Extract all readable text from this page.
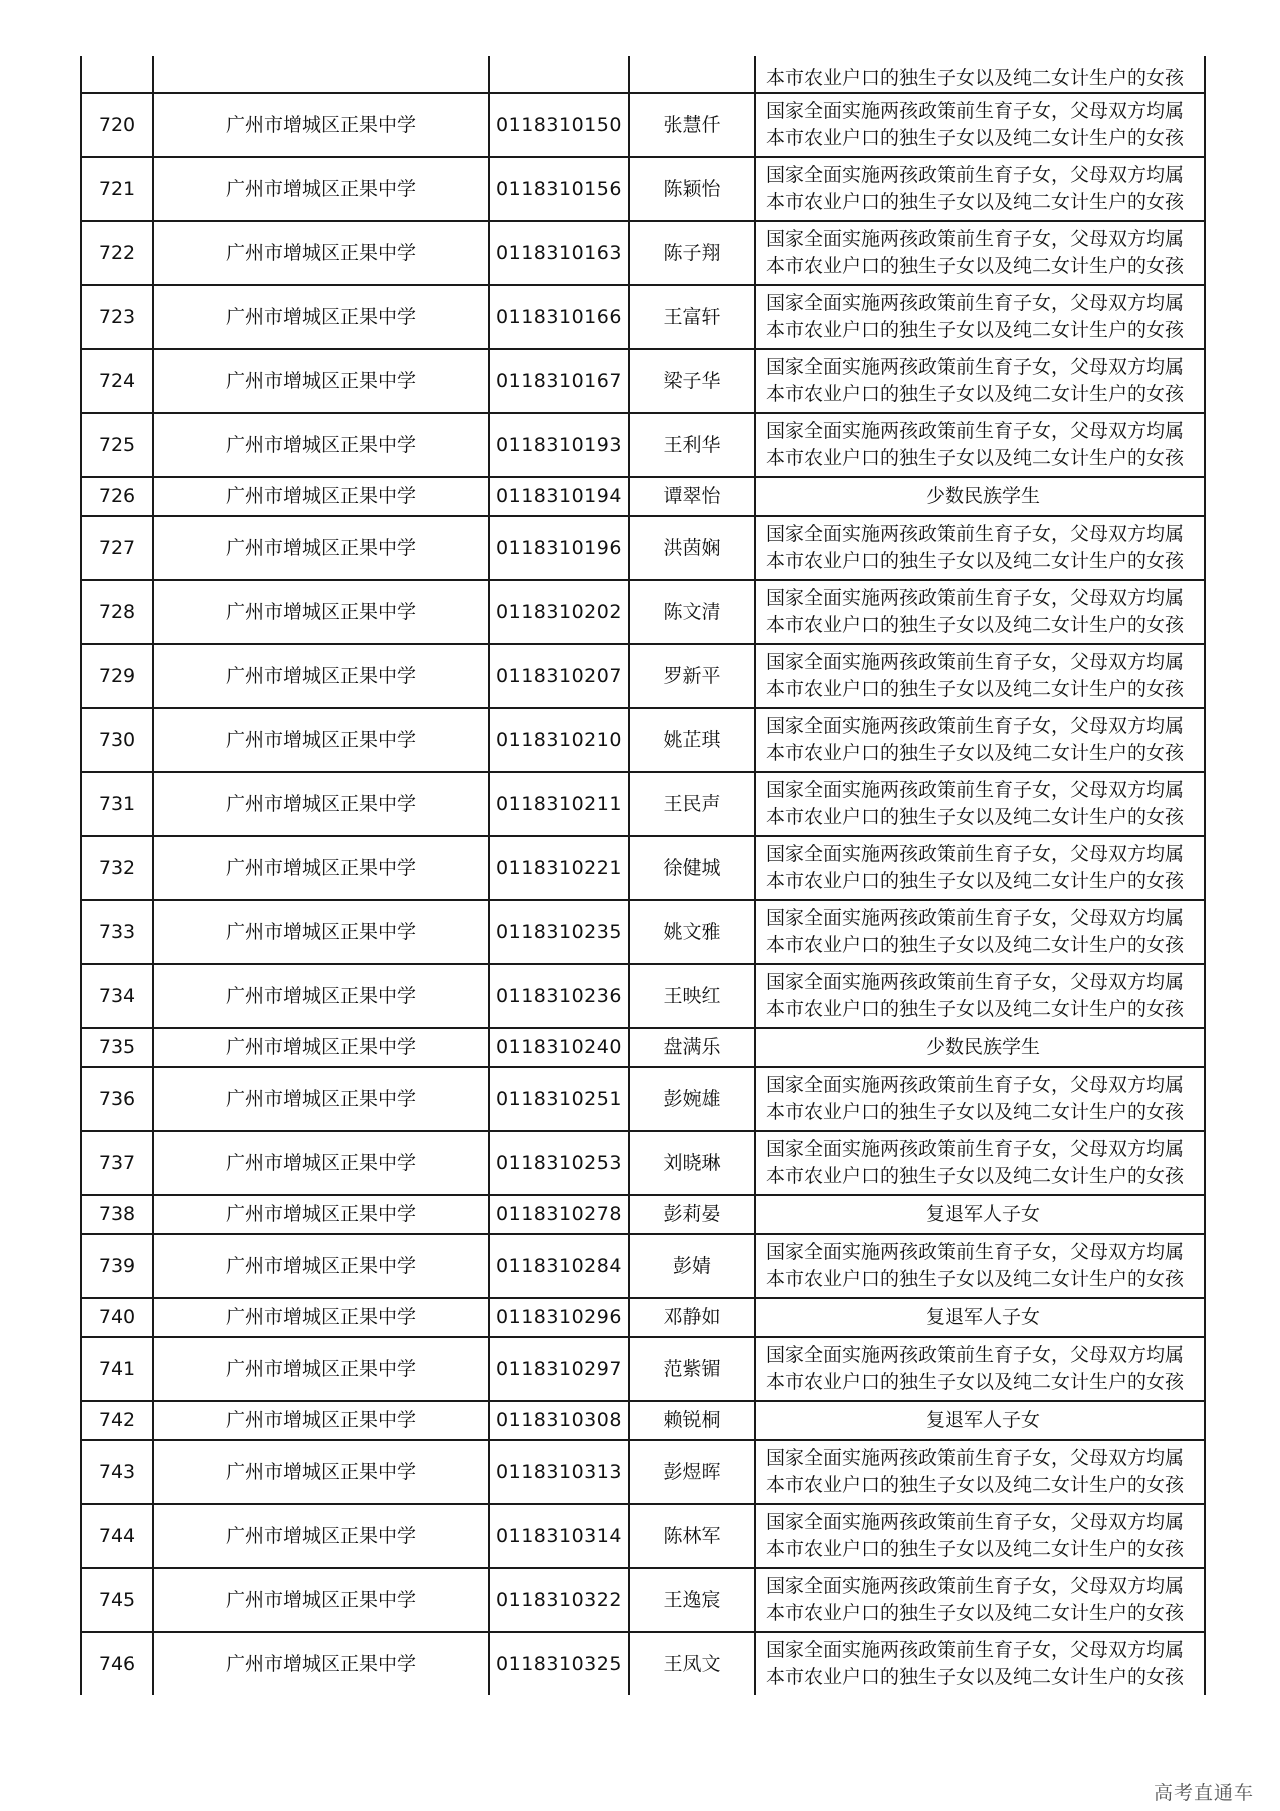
				本市农业户口的独生子女以及纯二女计生户的女孩

720	广州市增城区正果中学	0118310150	张慧仟	国家全面实施两孩政策前生育子女，父母双方均属
本市农业户口的独生子女以及纯二女计生户的女孩

721	广州市增城区正果中学	0118310156	陈颖怡	国家全面实施两孩政策前生育子女，父母双方均属
本市农业户口的独生子女以及纯二女计生户的女孩

722	广州市增城区正果中学	0118310163	陈子翔	国家全面实施两孩政策前生育子女，父母双方均属
本市农业户口的独生子女以及纯二女计生户的女孩

723	广州市增城区正果中学	0118310166	王富轩	国家全面实施两孩政策前生育子女，父母双方均属
本市农业户口的独生子女以及纯二女计生户的女孩

724	广州市增城区正果中学	0118310167	梁子华	国家全面实施两孩政策前生育子女，父母双方均属
本市农业户口的独生子女以及纯二女计生户的女孩

725	广州市增城区正果中学	0118310193	王利华	国家全面实施两孩政策前生育子女，父母双方均属
本市农业户口的独生子女以及纯二女计生户的女孩

726	广州市增城区正果中学	0118310194	谭翠怡	少数民族学生

727	广州市增城区正果中学	0118310196	洪茵娴	国家全面实施两孩政策前生育子女，父母双方均属
本市农业户口的独生子女以及纯二女计生户的女孩

728	广州市增城区正果中学	0118310202	陈文清	国家全面实施两孩政策前生育子女，父母双方均属
本市农业户口的独生子女以及纯二女计生户的女孩

729	广州市增城区正果中学	0118310207	罗新平	国家全面实施两孩政策前生育子女，父母双方均属
本市农业户口的独生子女以及纯二女计生户的女孩

730	广州市增城区正果中学	0118310210	姚芷琪	国家全面实施两孩政策前生育子女，父母双方均属
本市农业户口的独生子女以及纯二女计生户的女孩

731	广州市增城区正果中学	0118310211	王民声	国家全面实施两孩政策前生育子女，父母双方均属
本市农业户口的独生子女以及纯二女计生户的女孩

732	广州市增城区正果中学	0118310221	徐健城	国家全面实施两孩政策前生育子女，父母双方均属
本市农业户口的独生子女以及纯二女计生户的女孩

733	广州市增城区正果中学	0118310235	姚文雅	国家全面实施两孩政策前生育子女，父母双方均属
本市农业户口的独生子女以及纯二女计生户的女孩

734	广州市增城区正果中学	0118310236	王映红	国家全面实施两孩政策前生育子女，父母双方均属
本市农业户口的独生子女以及纯二女计生户的女孩

735	广州市增城区正果中学	0118310240	盘满乐	少数民族学生

736	广州市增城区正果中学	0118310251	彭婉雄	国家全面实施两孩政策前生育子女，父母双方均属
本市农业户口的独生子女以及纯二女计生户的女孩

737	广州市增城区正果中学	0118310253	刘晓琳	国家全面实施两孩政策前生育子女，父母双方均属
本市农业户口的独生子女以及纯二女计生户的女孩

738	广州市增城区正果中学	0118310278	彭莉晏	复退军人子女

739	广州市增城区正果中学	0118310284	彭婧	国家全面实施两孩政策前生育子女，父母双方均属
本市农业户口的独生子女以及纯二女计生户的女孩

740	广州市增城区正果中学	0118310296	邓静如	复退军人子女

741	广州市增城区正果中学	0118310297	范紫镅	国家全面实施两孩政策前生育子女，父母双方均属
本市农业户口的独生子女以及纯二女计生户的女孩

742	广州市增城区正果中学	0118310308	赖锐桐	复退军人子女

743	广州市增城区正果中学	0118310313	彭煜晖	国家全面实施两孩政策前生育子女，父母双方均属
本市农业户口的独生子女以及纯二女计生户的女孩

744	广州市增城区正果中学	0118310314	陈林军	国家全面实施两孩政策前生育子女，父母双方均属
本市农业户口的独生子女以及纯二女计生户的女孩

745	广州市增城区正果中学	0118310322	王逸宸	国家全面实施两孩政策前生育子女，父母双方均属
本市农业户口的独生子女以及纯二女计生户的女孩

746	广州市增城区正果中学	0118310325	王凤文	国家全面实施两孩政策前生育子女，父母双方均属
本市农业户口的独生子女以及纯二女计生户的女孩
高考直通车
